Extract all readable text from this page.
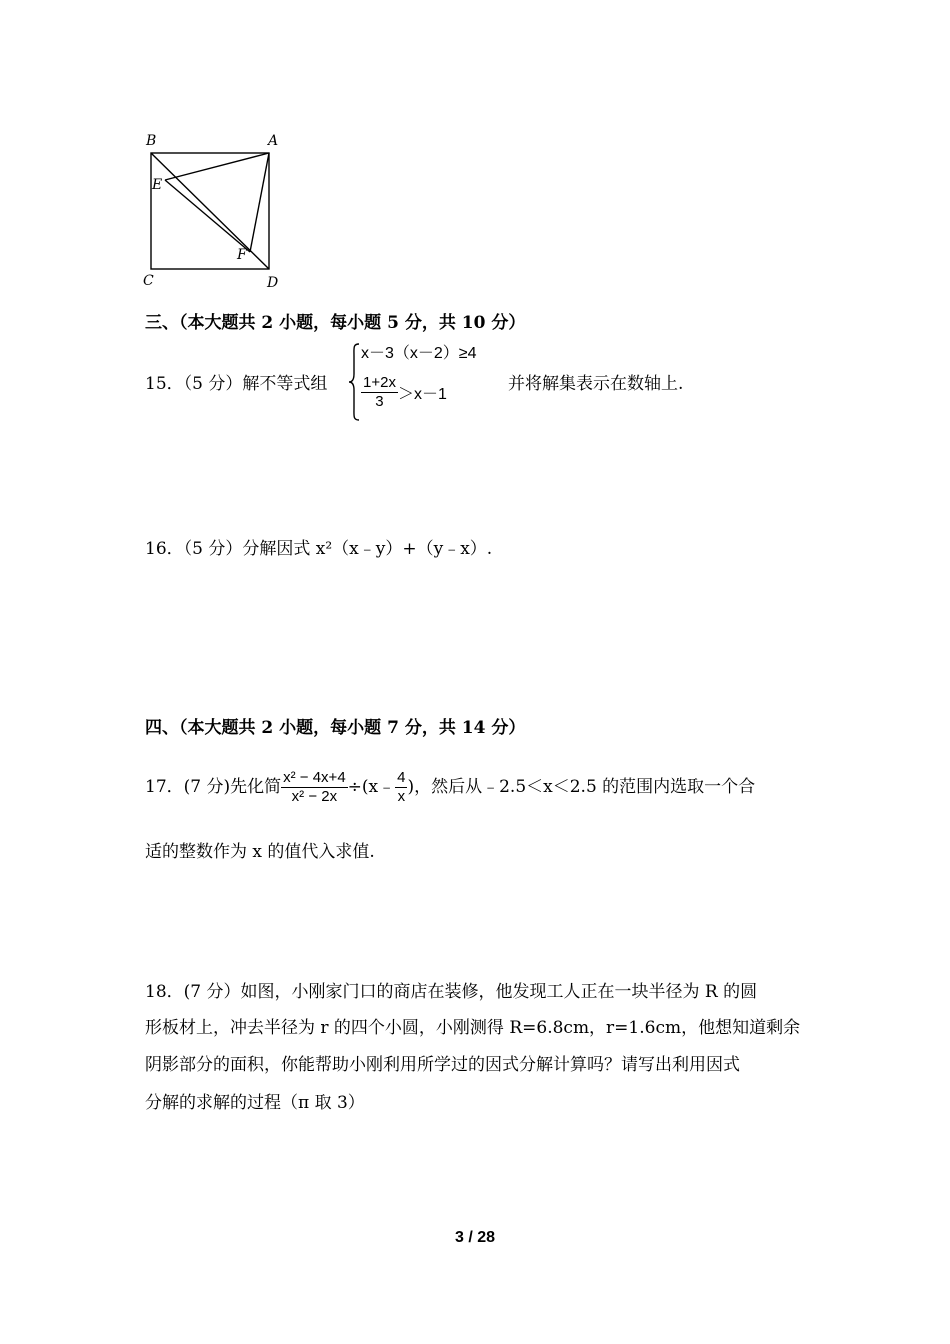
B	A
E
F
C	D
三、（本大题共 2 小题，每小题 5 分，共 10 分）
15．（5 分）解不等式组
x－3（x－2）≥4
$\frac{1+2x}{3} >x-1$
并将解集表示在数轴上.
16．（5 分）分解因式 x²（x﹣y）+（y﹣x）.
四、（本大题共 2 小题，每小题 7 分，共 14 分）
17．(7 分)先化简 $\frac{\text{x² − 4x+4}}{\text{x² − 2x}}$ ÷(x﹣ $\frac{4}{x}$ )，然后从﹣2.5＜x＜2.5 的范围内选取一个合
适的整数作为 x 的值代入求值.
18．(7 分）如图，小刚家门口的商店在装修，他发现工人正在一块半径为 R 的圆
形板材上，冲去半径为 r 的四个小圆，小刚测得 R=6.8cm，r=1.6cm，他想知道剩余
阴影部分的面积，你能帮助小刚利用所学过的因式分解计算吗？请写出利用因式
分解的求解的过程（π 取 3）
3 / 28
